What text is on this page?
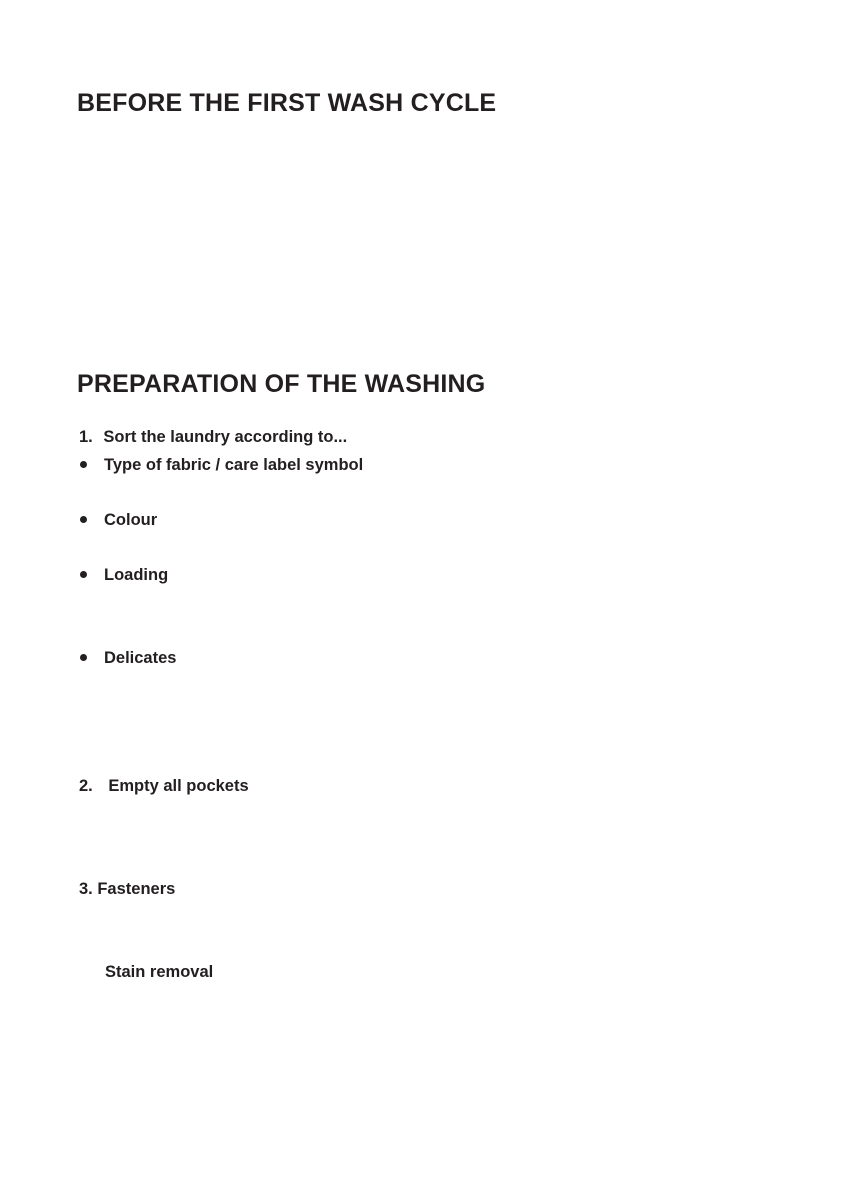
BEFORE THE FIRST WASH CYCLE
PREPARATION OF THE WASHING
1. Sort the laundry according to...
Type of fabric / care label symbol
Colour
Loading
Delicates
2. Empty all pockets
3. Fasteners
Stain removal
